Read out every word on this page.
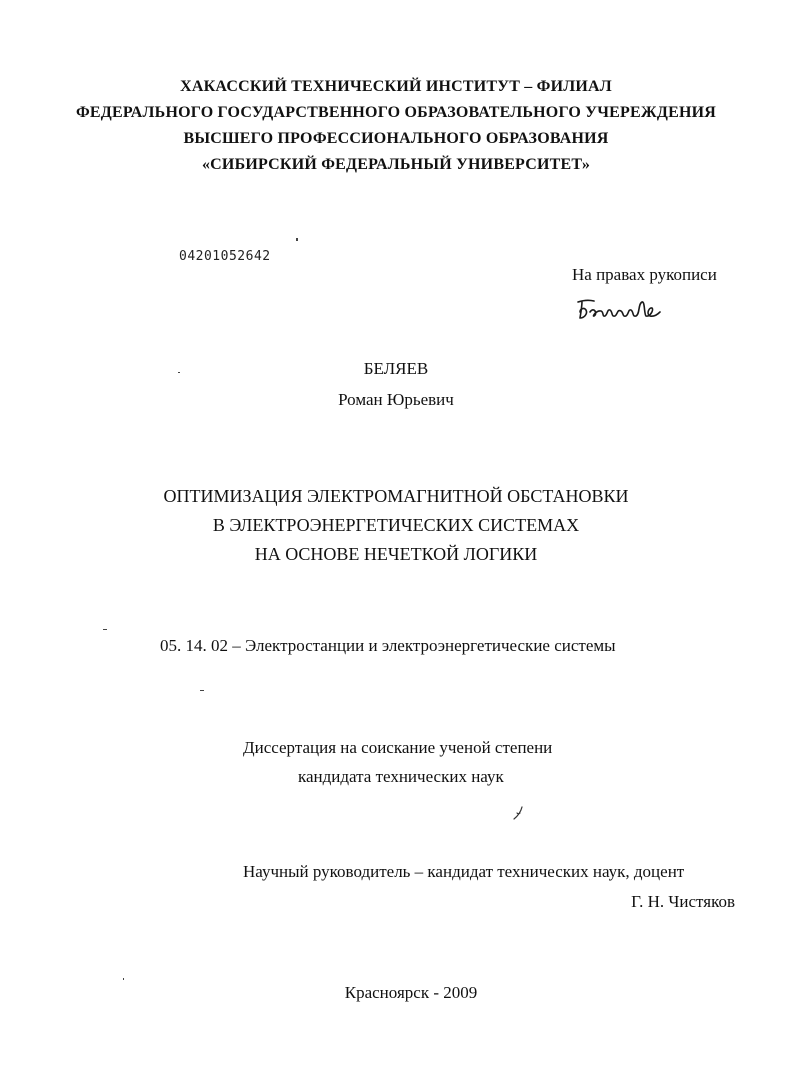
ХАКАССКИЙ ТЕХНИЧЕСКИЙ ИНСТИТУТ – ФИЛИАЛ
ФЕДЕРАЛЬНОГО ГОСУДАРСТВЕННОГО ОБРАЗОВАТЕЛЬНОГО УЧЕРЕЖДЕНИЯ
ВЫСШЕГО ПРОФЕССИОНАЛЬНОГО ОБРАЗОВАНИЯ
«СИБИРСКИЙ ФЕДЕРАЛЬНЫЙ УНИВЕРСИТЕТ»
04201052642
На правах рукописи
БЕЛЯЕВ
Роман Юрьевич
ОПТИМИЗАЦИЯ ЭЛЕКТРОМАГНИТНОЙ ОБСТАНОВКИ
В ЭЛЕКТРОЭНЕРГЕТИЧЕСКИХ СИСТЕМАХ
НА ОСНОВЕ НЕЧЕТКОЙ ЛОГИКИ
05. 14. 02 – Электростанции и электроэнергетические системы
Диссертация на соискание ученой степени
кандидата технических наук
Научный руководитель – кандидат технических наук, доцент
Г. Н. Чистяков
Красноярск - 2009
